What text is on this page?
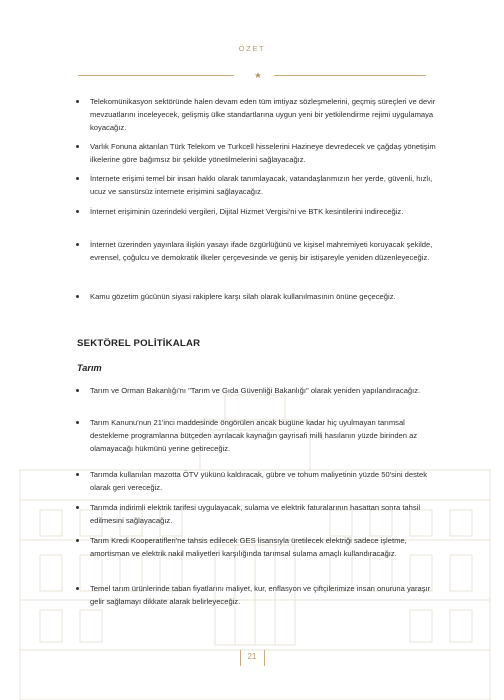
ÖZET
Telekomünikasyon sektöründe halen devam eden tüm imtiyaz sözleşmelerini, geçmiş süreçleri ve devir mevzuatlarını inceleyecek, gelişmiş ülke standartlarına uygun yeni bir yetkilendirme rejimi uygulamaya koyacağız.
Varlık Fonuna aktarılan Türk Telekom ve Turkcell hisselerini Hazineye devredecek ve çağdaş yönetişim ilkelerine göre bağımsız bir şekilde yönetilmelerini sağlayacağız.
İnternete erişimi temel bir insan hakkı olarak tanımlayacak, vatandaşlarımızın her yerde, güvenli, hızlı, ucuz ve sansürsüz internete erişimini sağlayacağız.
İnternet erişiminin üzerindeki vergileri, Dijital Hizmet Vergisi'ni ve BTK kesintilerini indireceğiz.
İnternet üzerinden yayınlara ilişkin yasayı ifade özgürlüğünü ve kişisel mahremiyeti koruyacak şekilde, evrensel, çoğulcu ve demokratik ilkeler çerçevesinde ve geniş bir istişareyle yeniden düzenleyeceğiz.
Kamu gözetim gücünün siyasi rakiplere karşı silah olarak kullanılmasının önüne geçeceğiz.
SEKTÖREL POLİTİKALAR
Tarım
Tarım ve Orman Bakanlığı'nı "Tarım ve Gıda Güvenliği Bakanlığı" olarak yeniden yapılandıracağız.
Tarım Kanunu'nun 21'inci maddesinde öngörülen ancak bugüne kadar hiç uyulmayan tarımsal destekleme programlarına bütçeden ayrılacak kaynağın gayrisafi milli hasılanın yüzde birinden az olamayacağı hükmünü yerine getireceğiz.
Tarımda kullanılan mazotta ÖTV yükünü kaldıracak, gübre ve tohum maliyetinin yüzde 50'sini destek olarak geri vereceğiz.
Tarımda indirimli elektrik tarifesi uygulayacak, sulama ve elektrik faturalarının hasattan sonra tahsil edilmesini sağlayacağız.
Tarım Kredi Kooperatifleri'ne tahsis edilecek GES lisansıyla üretilecek elektriği sadece işletme, amortisman ve elektrik nakil maliyetleri karşılığında tarımsal sulama amaçlı kullandıracağız.
Temel tarım ürünlerinde taban fiyatlarını maliyet, kur, enflasyon ve çiftçilerimize insan onuruna yaraşır gelir sağlamayı dikkate alarak belirleyeceğiz.
21
